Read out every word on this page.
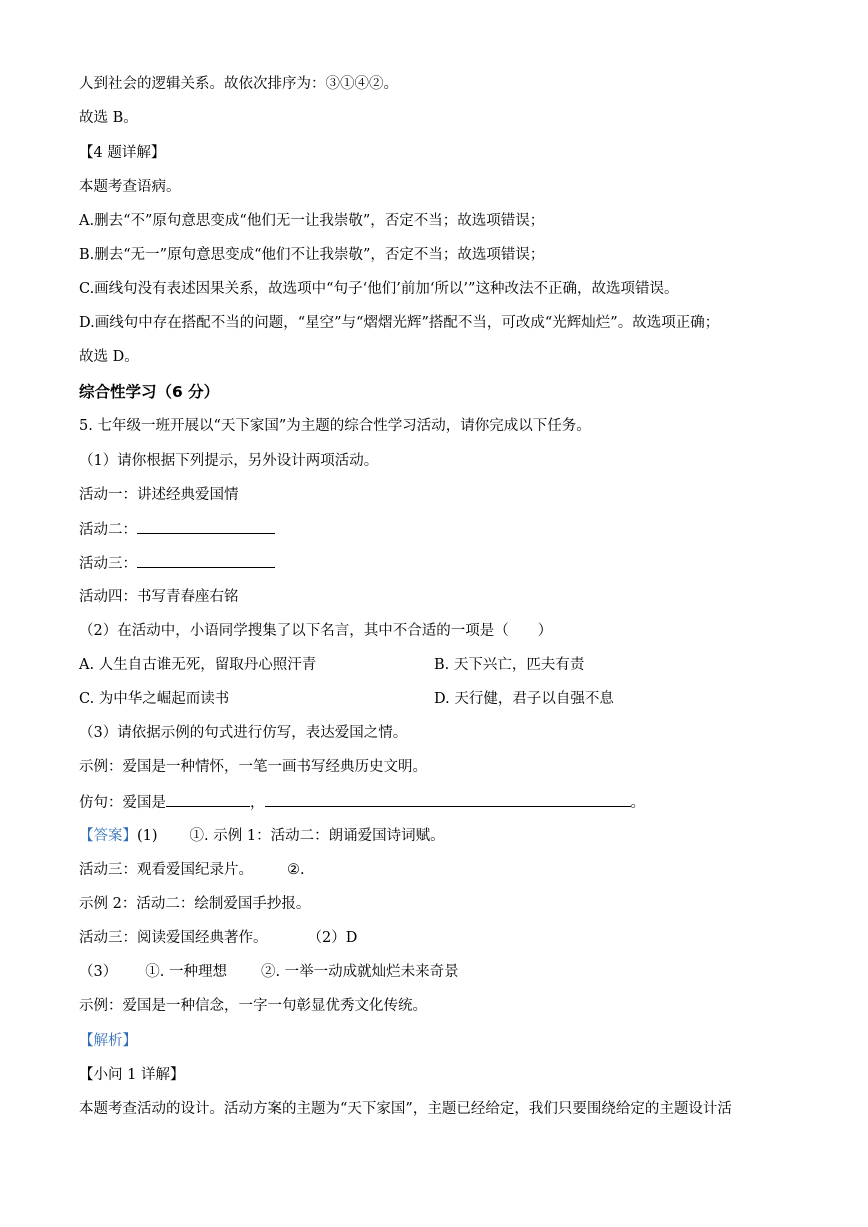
人到社会的逻辑关系。故依次排序为：③①④②。
故选 B。
【4 题详解】
本题考查语病。
A.删去“不”原句意思变成“他们无一让我崇敬”，否定不当；故选项错误；
B.删去“无一”原句意思变成“他们不让我崇敬”，否定不当；故选项错误；
C.画线句没有表述因果关系，故选项中“句子‘他们’前加‘所以’”这种改法不正确，故选项错误。
D.画线句中存在搭配不当的问题，“星空”与“熠熠光辉”搭配不当，可改成“光辉灿烂”。故选项正确；
故选 D。
综合性学习（6 分）
5. 七年级一班开展以“天下家国”为主题的综合性学习活动，请你完成以下任务。
（1）请你根据下列提示，另外设计两项活动。
活动一：讲述经典爱国情
活动二：
活动三：
活动四：书写青春座右铭
（2）在活动中，小语同学搜集了以下名言，其中不合适的一项是（　　）
A. 人生自古谁无死，留取丹心照汗青	B. 天下兴亡，匹夫有责
C. 为中华之崛起而读书	D. 天行健，君子以自强不息
（3）请依据示例的句式进行仿写，表达爱国之情。
示例：爱国是一种情怀，一笔一画书写经典历史文明。
仿句：爱国是	，	。
【答案】(1) ①. 示例 1：活动二：朗诵爱国诗词赋。
活动三：观看爱国纪录片。 ②.
示例 2：活动二：绘制爱国手抄报。
活动三：阅读爱国经典著作。	（2）D
（3） ①. 一种理想 ②. 一举一动成就灿烂未来奇景
示例：爱国是一种信念，一字一句彰显优秀文化传统。
【解析】
【小问 1 详解】
本题考查活动的设计。活动方案的主题为“天下家国”，主题已经给定，我们只要围绕给定的主题设计活
